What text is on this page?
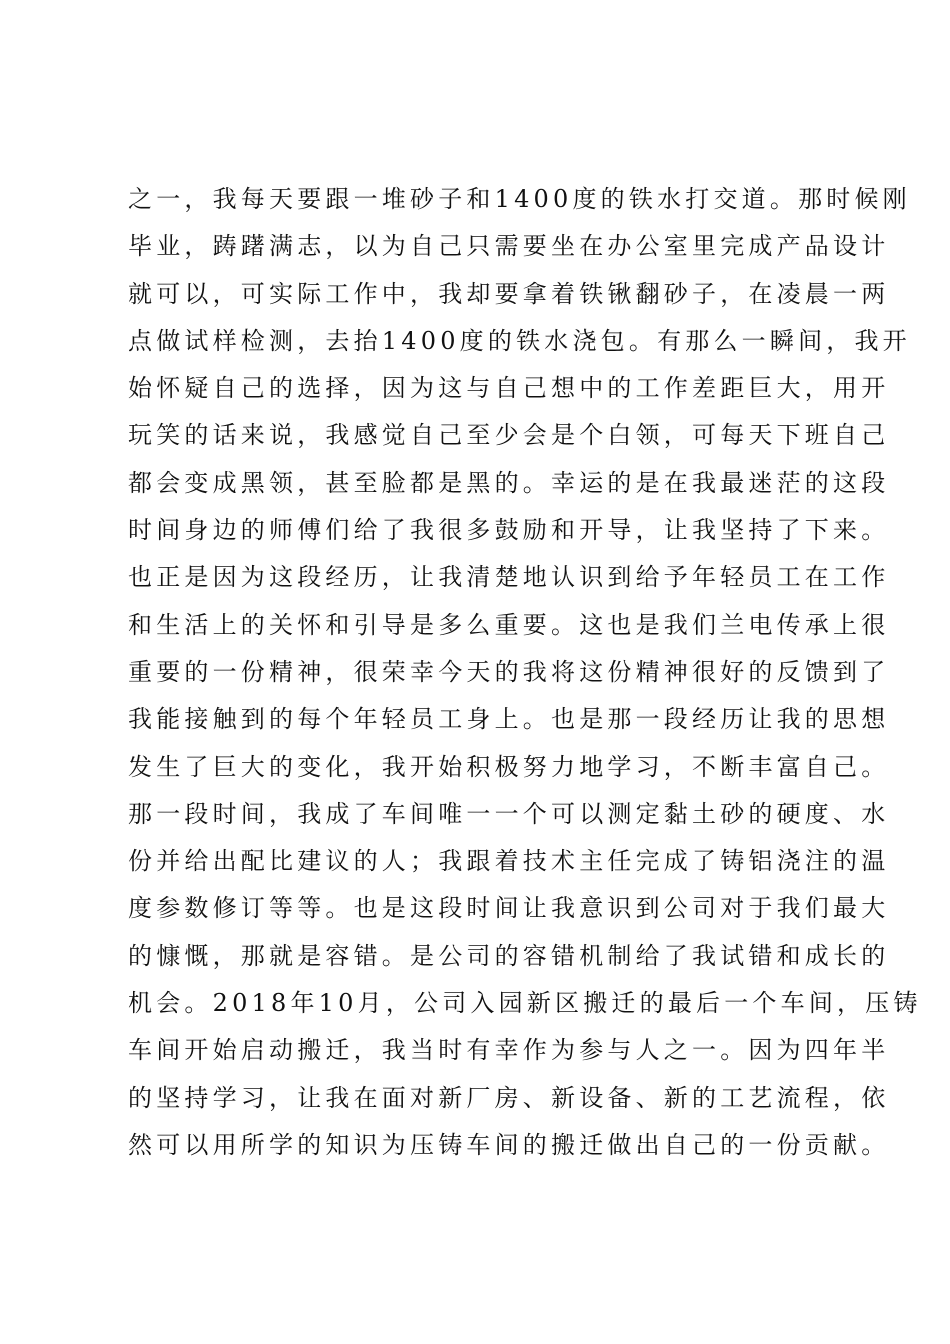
之一，我每天要跟一堆砂子和1400度的铁水打交道。那时候刚
毕业，踌躇满志，以为自己只需要坐在办公室里完成产品设计
就可以，可实际工作中，我却要拿着铁锹翻砂子，在凌晨一两
点做试样检测，去抬1400度的铁水浇包。有那么一瞬间，我开
始怀疑自己的选择，因为这与自己想中的工作差距巨大，用开
玩笑的话来说，我感觉自己至少会是个白领，可每天下班自己
都会变成黑领，甚至脸都是黑的。幸运的是在我最迷茫的这段
时间身边的师傅们给了我很多鼓励和开导，让我坚持了下来。
也正是因为这段经历，让我清楚地认识到给予年轻员工在工作
和生活上的关怀和引导是多么重要。这也是我们兰电传承上很
重要的一份精神，很荣幸今天的我将这份精神很好的反馈到了
我能接触到的每个年轻员工身上。也是那一段经历让我的思想
发生了巨大的变化，我开始积极努力地学习，不断丰富自己。
那一段时间，我成了车间唯一一个可以测定黏土砂的硬度、水
份并给出配比建议的人；我跟着技术主任完成了铸铝浇注的温
度参数修订等等。也是这段时间让我意识到公司对于我们最大
的慷慨，那就是容错。是公司的容错机制给了我试错和成长的
机会。2018年10月，公司入园新区搬迁的最后一个车间，压铸
车间开始启动搬迁，我当时有幸作为参与人之一。因为四年半
的坚持学习，让我在面对新厂房、新设备、新的工艺流程，依
然可以用所学的知识为压铸车间的搬迁做出自己的一份贡献。
